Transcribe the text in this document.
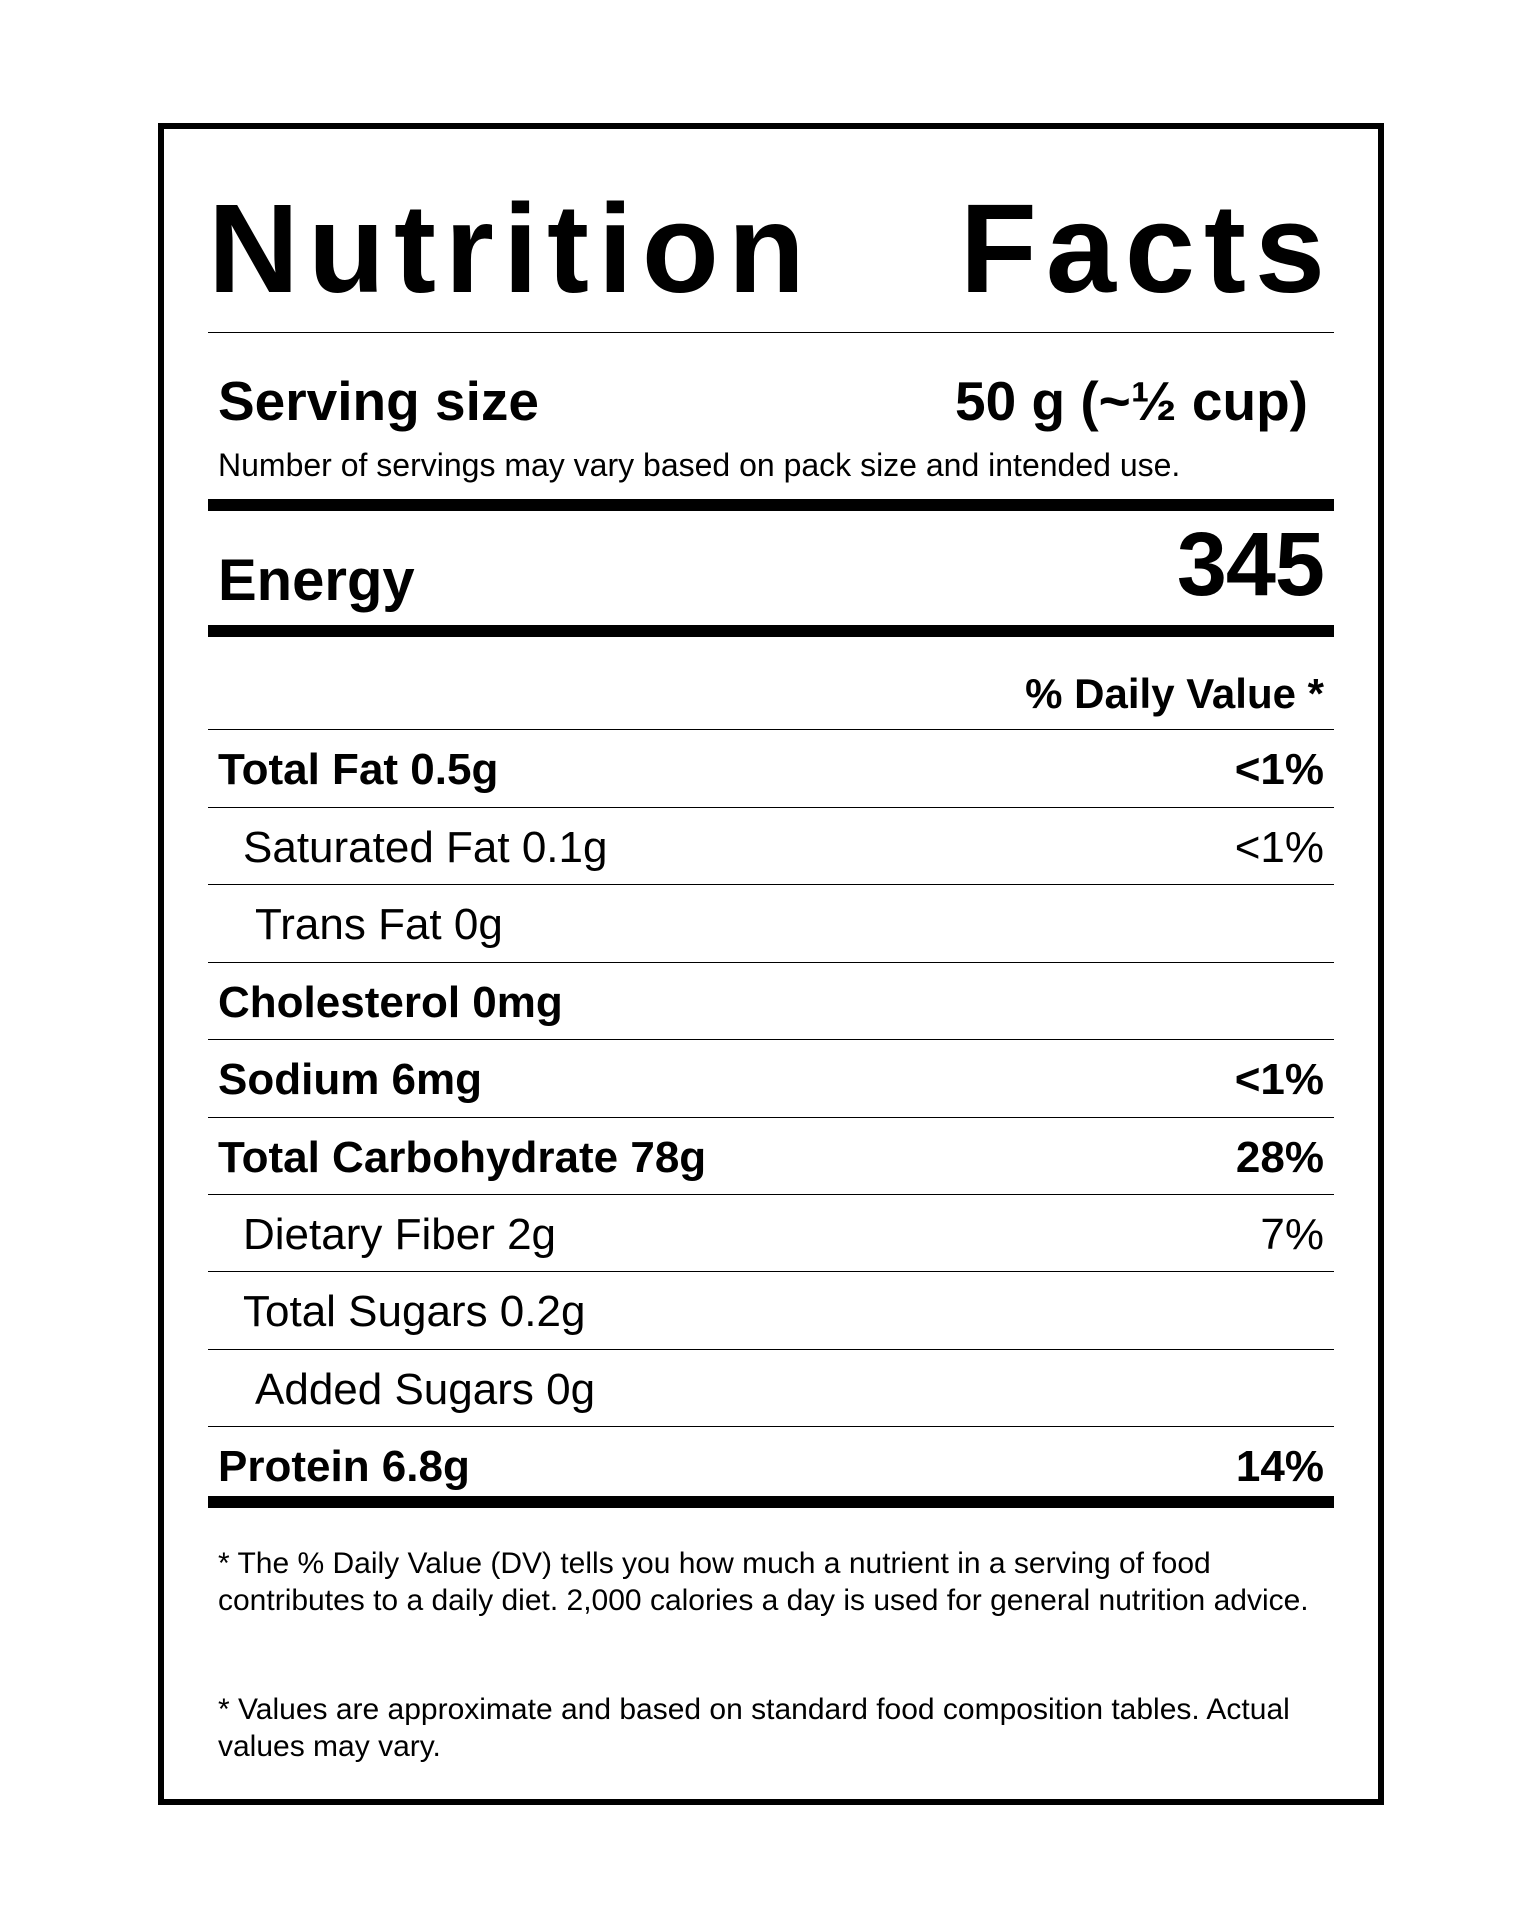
Nutrition Facts
Serving size	50 g (~½ cup)
Number of servings may vary based on pack size and intended use.
Energy	345
% Daily Value *
Total Fat 0.5g	<1%
Saturated Fat 0.1g	<1%
Trans Fat 0g
Cholesterol 0mg
Sodium 6mg	<1%
Total Carbohydrate 78g	28%
Dietary Fiber 2g	7%
Total Sugars 0.2g
Added Sugars 0g
Protein 6.8g	14%
* The % Daily Value (DV) tells you how much a nutrient in a serving of food contributes to a daily diet. 2,000 calories a day is used for general nutrition advice.
* Values are approximate and based on standard food composition tables. Actual values may vary.
